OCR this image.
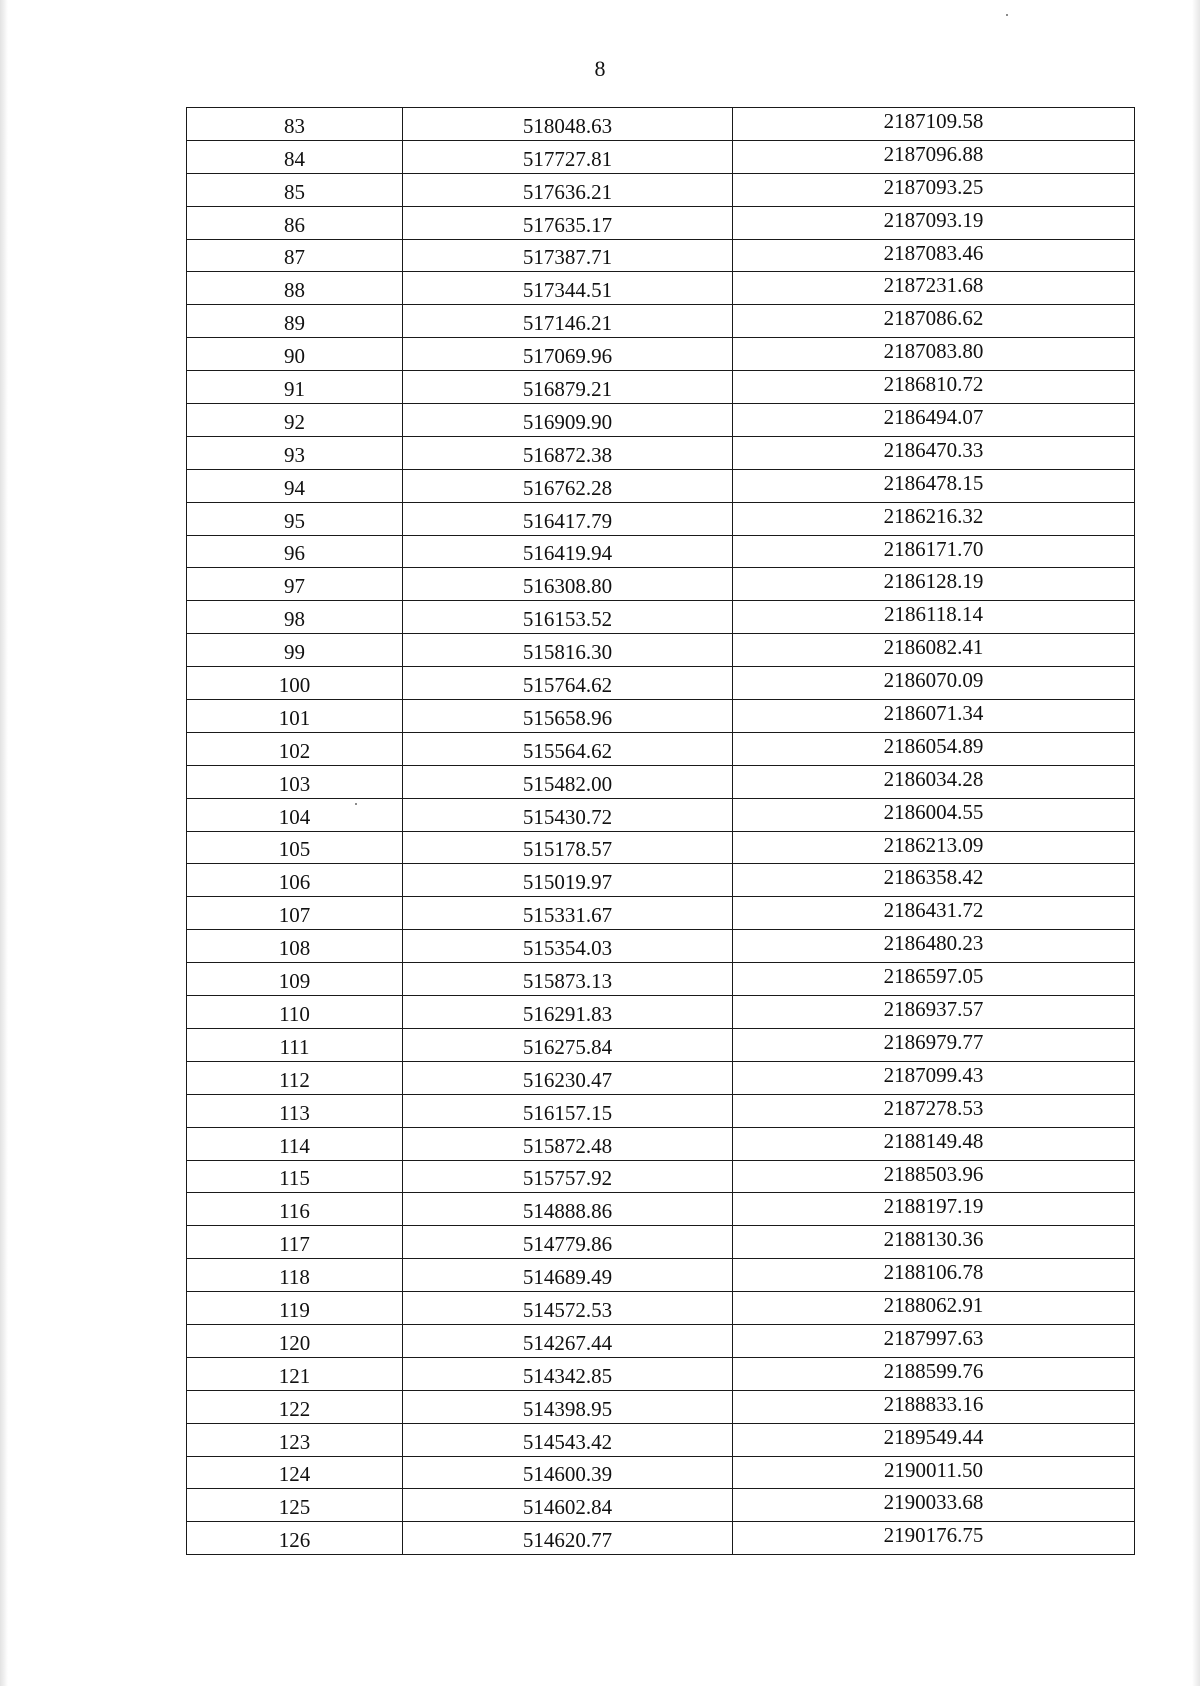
8
83	518048.63	2187109.58
84	517727.81	2187096.88
85	517636.21	2187093.25
86	517635.17	2187093.19
87	517387.71	2187083.46
88	517344.51	2187231.68
89	517146.21	2187086.62
90	517069.96	2187083.80
91	516879.21	2186810.72
92	516909.90	2186494.07
93	516872.38	2186470.33
94	516762.28	2186478.15
95	516417.79	2186216.32
96	516419.94	2186171.70
97	516308.80	2186128.19
98	516153.52	2186118.14
99	515816.30	2186082.41
100	515764.62	2186070.09
101	515658.96	2186071.34
102	515564.62	2186054.89
103	515482.00	2186034.28
104	515430.72	2186004.55
105	515178.57	2186213.09
106	515019.97	2186358.42
107	515331.67	2186431.72
108	515354.03	2186480.23
109	515873.13	2186597.05
110	516291.83	2186937.57
111	516275.84	2186979.77
112	516230.47	2187099.43
113	516157.15	2187278.53
114	515872.48	2188149.48
115	515757.92	2188503.96
116	514888.86	2188197.19
117	514779.86	2188130.36
118	514689.49	2188106.78
119	514572.53	2188062.91
120	514267.44	2187997.63
121	514342.85	2188599.76
122	514398.95	2188833.16
123	514543.42	2189549.44
124	514600.39	2190011.50
125	514602.84	2190033.68
126	514620.77	2190176.75
